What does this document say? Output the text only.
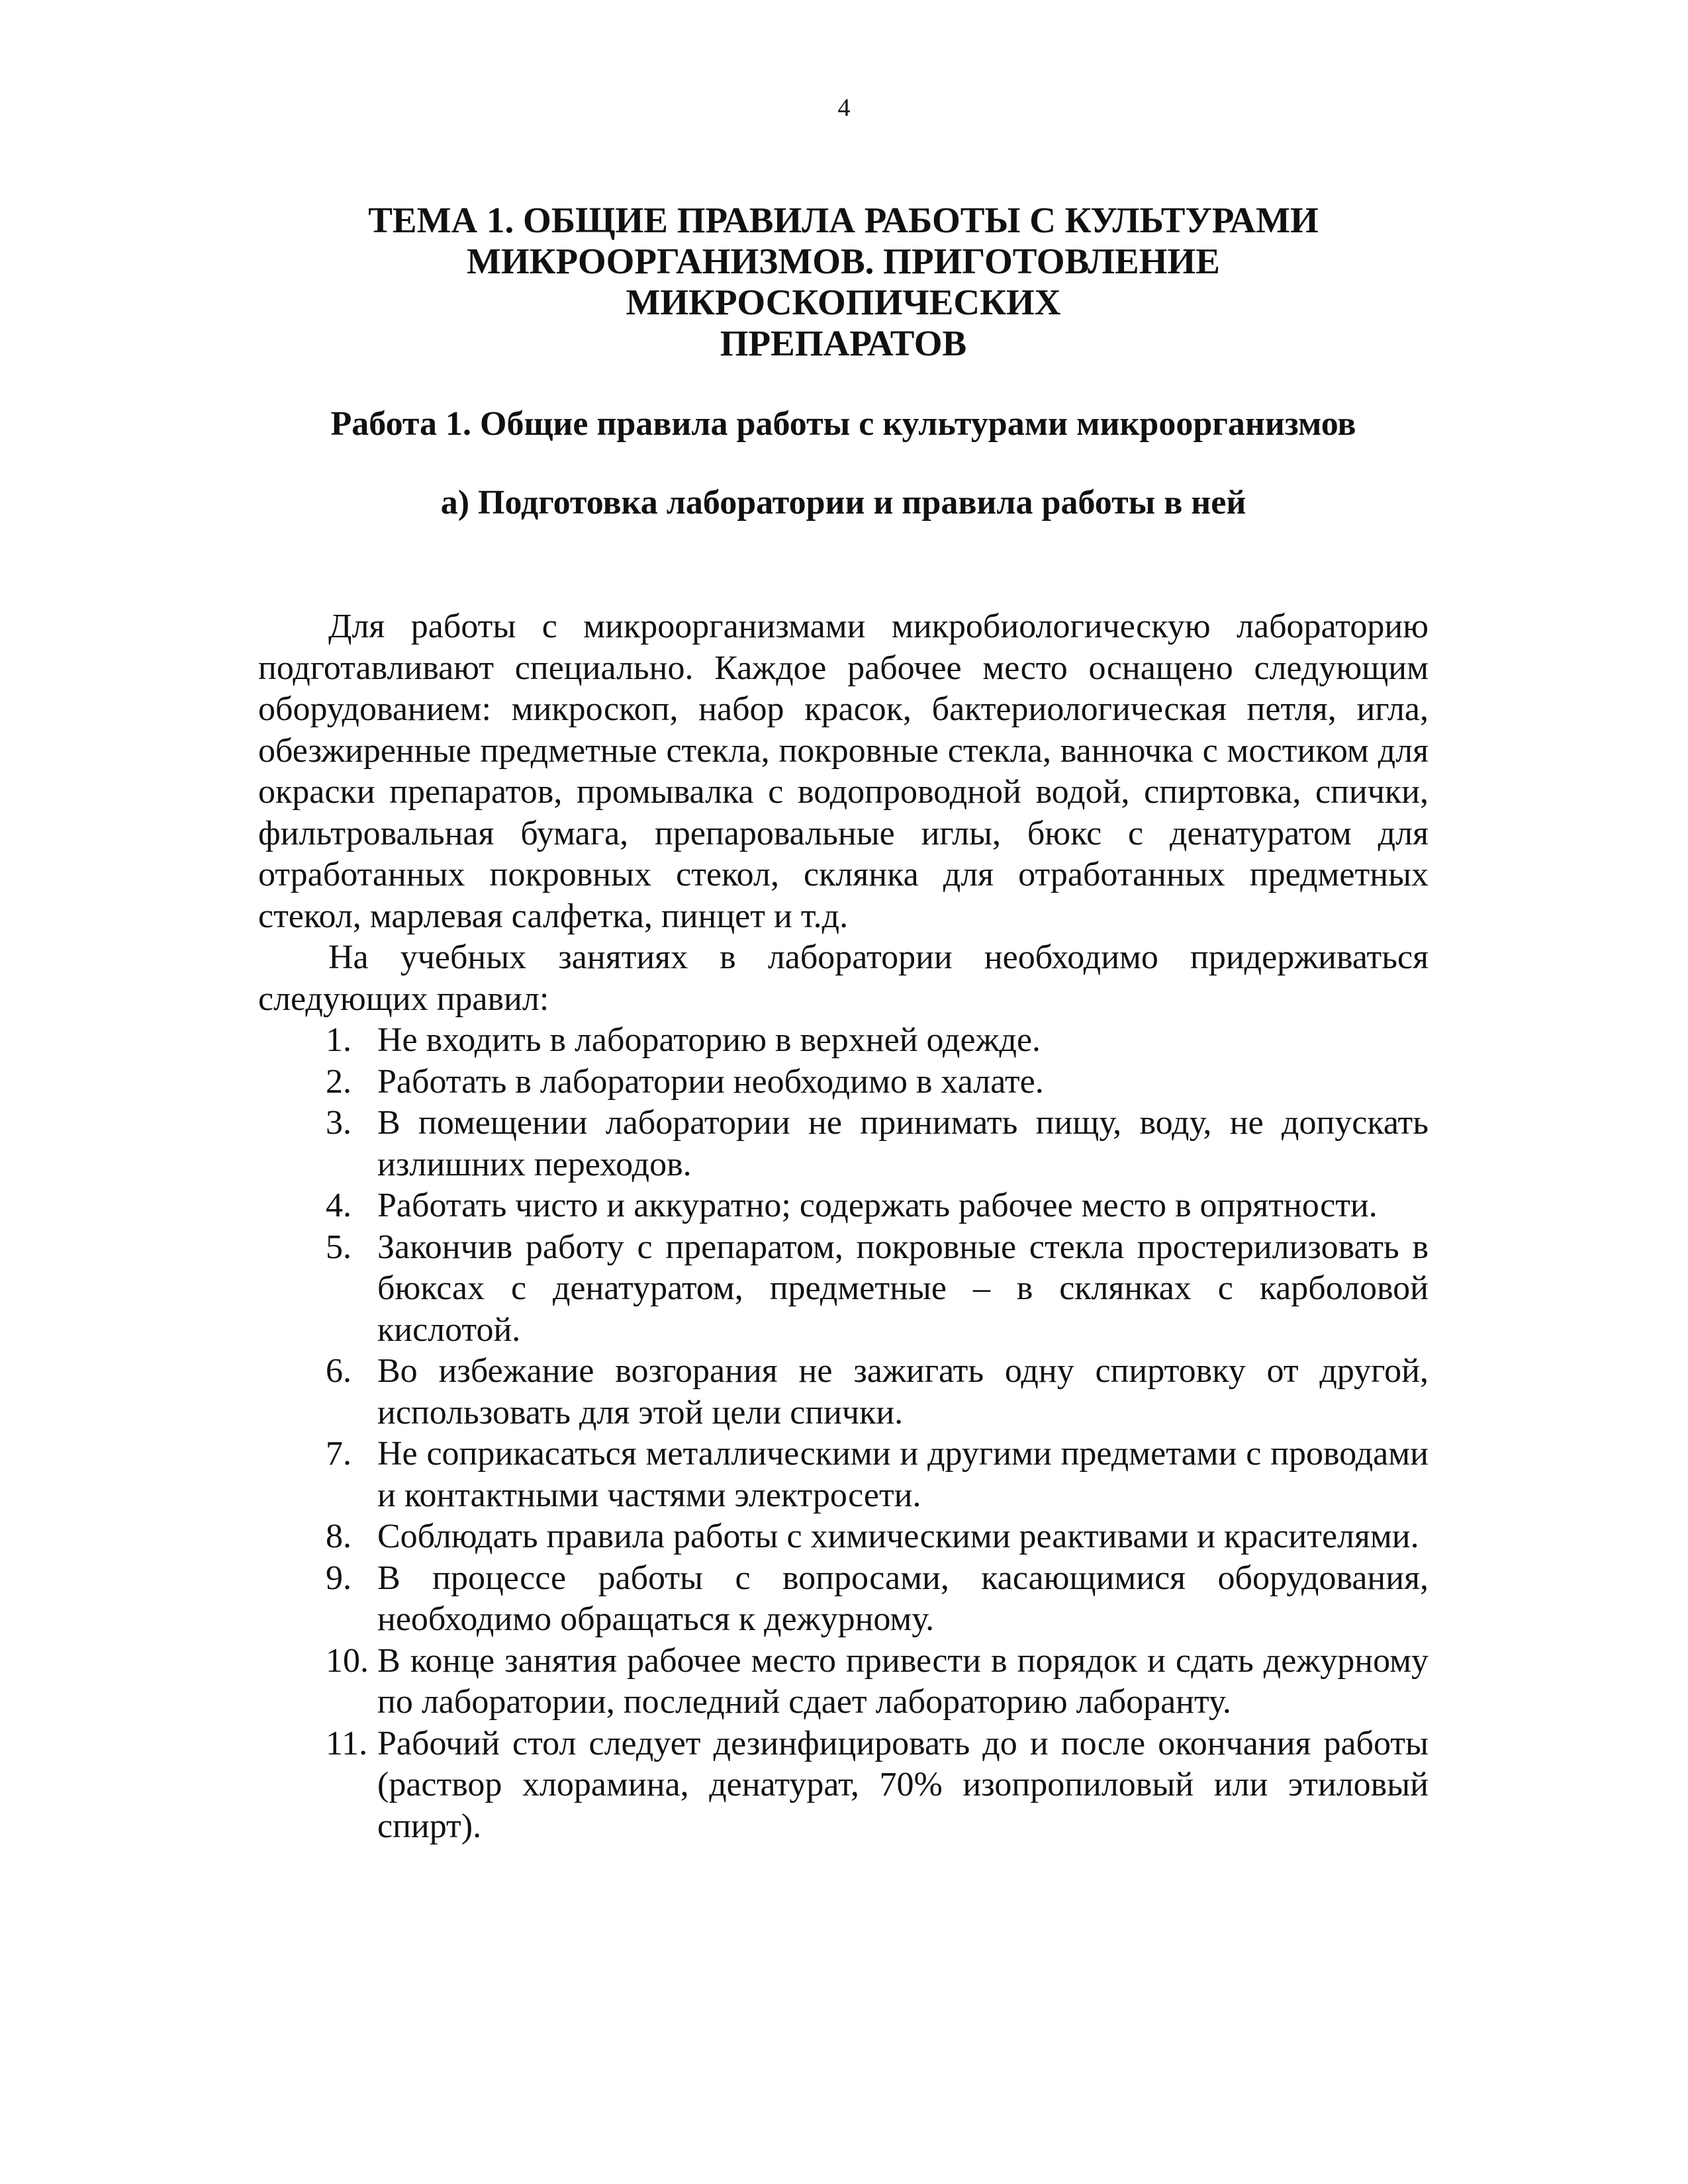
4
ТЕМА 1. ОБЩИЕ ПРАВИЛА РАБОТЫ С КУЛЬТУРАМИ
МИКРООРГАНИЗМОВ. ПРИГОТОВЛЕНИЕ МИКРОСКОПИЧЕСКИХ
ПРЕПАРАТОВ
Работа 1. Общие правила работы с культурами микроорганизмов
а) Подготовка лаборатории и правила работы в ней

Для работы с микроорганизмами микробиологическую лабораторию подготавливают специально. Каждое рабочее место оснащено следующим оборудованием: микроскоп, набор красок, бактериологическая петля, игла, обезжиренные предметные стекла, покровные стекла, ванночка с мостиком для окраски препаратов, промывалка с водопроводной водой, спиртовка, спички, фильтровальная бумага, препаровальные иглы, бюкс с денатуратом для отработанных покровных стекол, склянка для отработанных предметных стекол, марлевая салфетка, пинцет и т.д.

На учебных занятиях в лаборатории необходимо придерживаться следующих правил:

1. Не входить в лабораторию в верхней одежде.
2. Работать в лаборатории необходимо в халате.
3. В помещении лаборатории не принимать пищу, воду, не допускать излишних переходов.
4. Работать чисто и аккуратно; содержать рабочее место в опрятности.
5. Закончив работу с препаратом, покровные стекла простерилизовать в бюксах с денатуратом, предметные – в склянках с карболовой кислотой.
6. Во избежание возгорания не зажигать одну спиртовку от другой, использовать для этой цели спички.
7. Не соприкасаться металлическими и другими предметами с проводами и контактными частями электросети.
8. Соблюдать правила работы с химическими реактивами и красителями.
9. В процессе работы с вопросами, касающимися оборудования, необходимо обращаться к дежурному.
10. В конце занятия рабочее место привести в порядок и сдать дежурному по лаборатории, последний сдает лабораторию лаборанту.
11. Рабочий стол следует дезинфицировать до и после окончания работы (раствор хлорамина, денатурат, 70% изопропиловый или этиловый спирт).
